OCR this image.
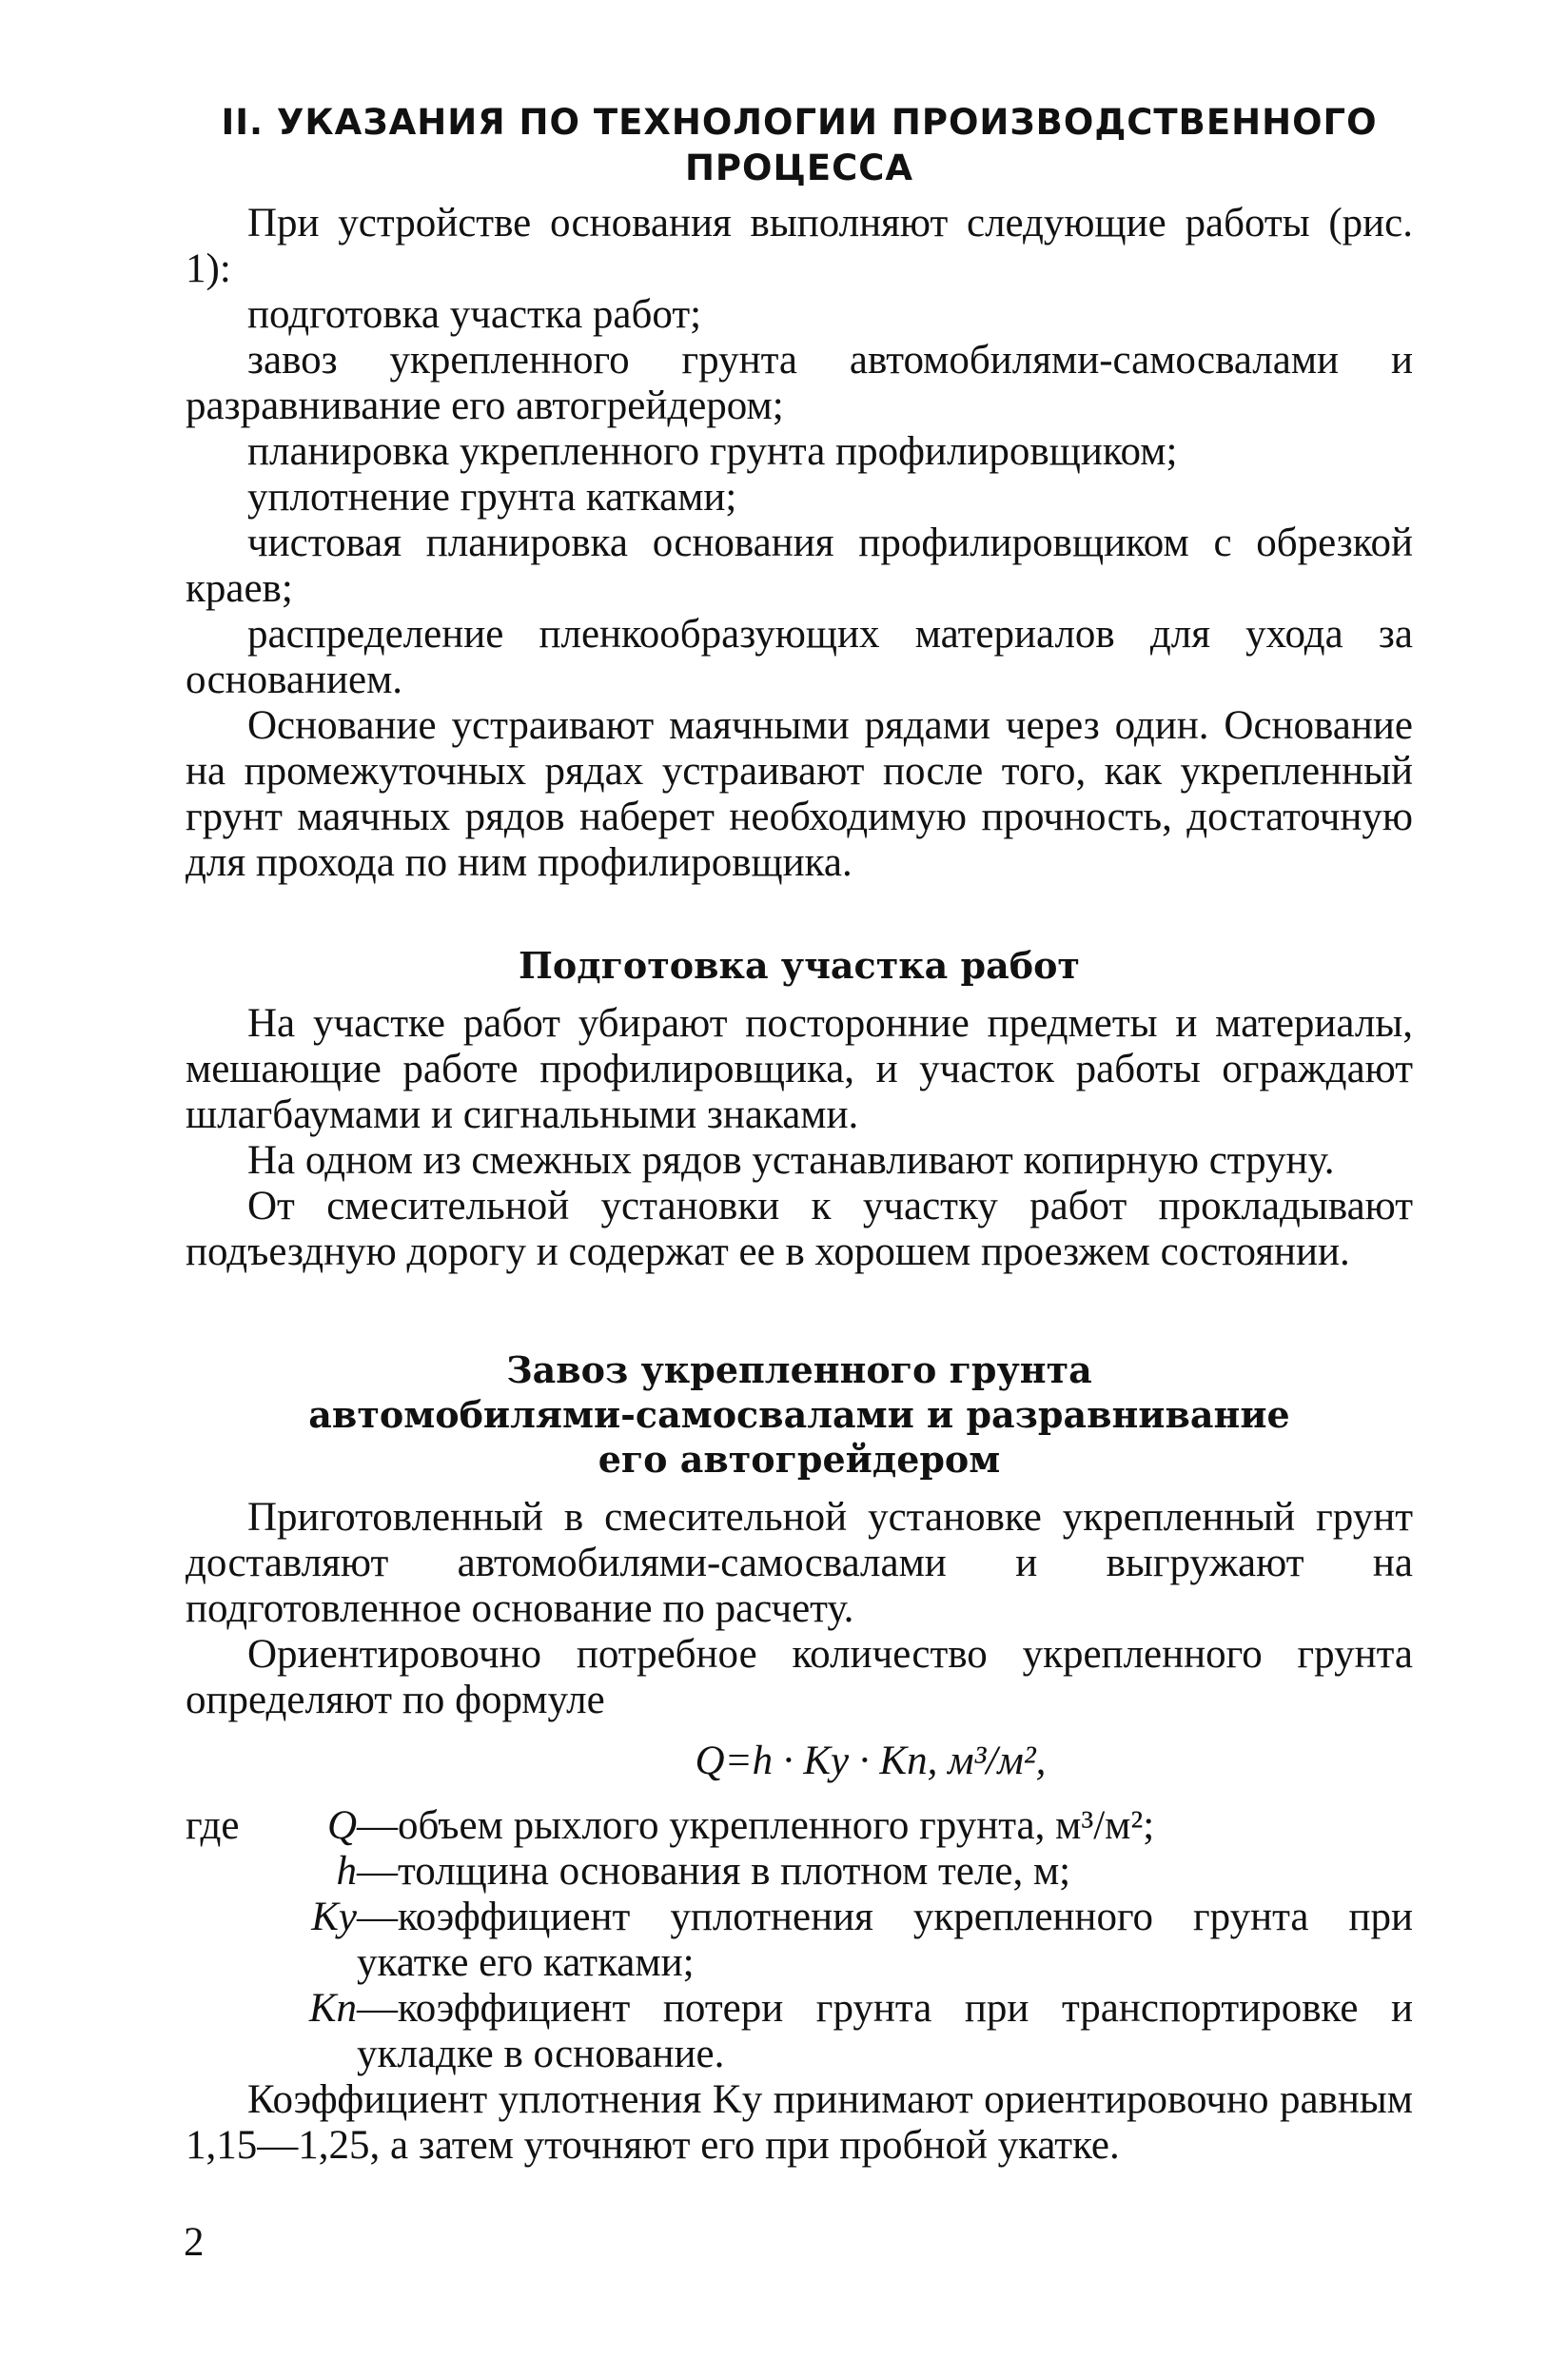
II. УКАЗАНИЯ ПО ТЕХНОЛОГИИ ПРОИЗВОДСТВЕННОГО ПРОЦЕССА

При устройстве основания выполняют следующие работы (рис. 1):

подготовка участка работ;

завоз укрепленного грунта автомобилями-самосвалами и разравнивание его автогрейдером;

планировка укрепленного грунта профилировщиком;

уплотнение грунта катками;

чистовая планировка основания профилировщиком с обрезкой краев;

распределение пленкообразующих материалов для ухода за основанием.

Основание устраивают маячными рядами через один. Основание на промежуточных рядах устраивают после того, как укрепленный грунт маячных рядов наберет необходимую прочность, достаточную для прохода по ним профилировщика.

Подготовка участка работ

На участке работ убирают посторонние предметы и материалы, мешающие работе профилировщика, и участок работы ограждают шлагбаумами и сигнальными знаками.

На одном из смежных рядов устанавливают копирную струну.

От смесительной установки к участку работ прокладывают подъездную дорогу и содержат ее в хорошем проезжем состоянии.

Завоз укрепленного грунта
автомобилями-самосвалами и разравнивание
его автогрейдером

Приготовленный в смесительной установке укрепленный грунт доставляют автомобилями-самосвалами и выгружают на подготовленное основание по расчету.

Ориентировочно потребное количество укрепленного грунта определяют по формуле

Q=h · Kу · Kп, м³/м²,
где	Q —объем рыхлого укрепленного грунта, м³/м²;
h —толщина основания в плотном теле, м;
Kу —коэффициент уплотнения укрепленного грунта при укатке его катками;
Kп —коэффициент потери грунта при транспортировке и укладке в основание.

Коэффициент уплотнения Kу принимают ориентировочно равным 1,15—1,25, а затем уточняют его при пробной укатке.

2
